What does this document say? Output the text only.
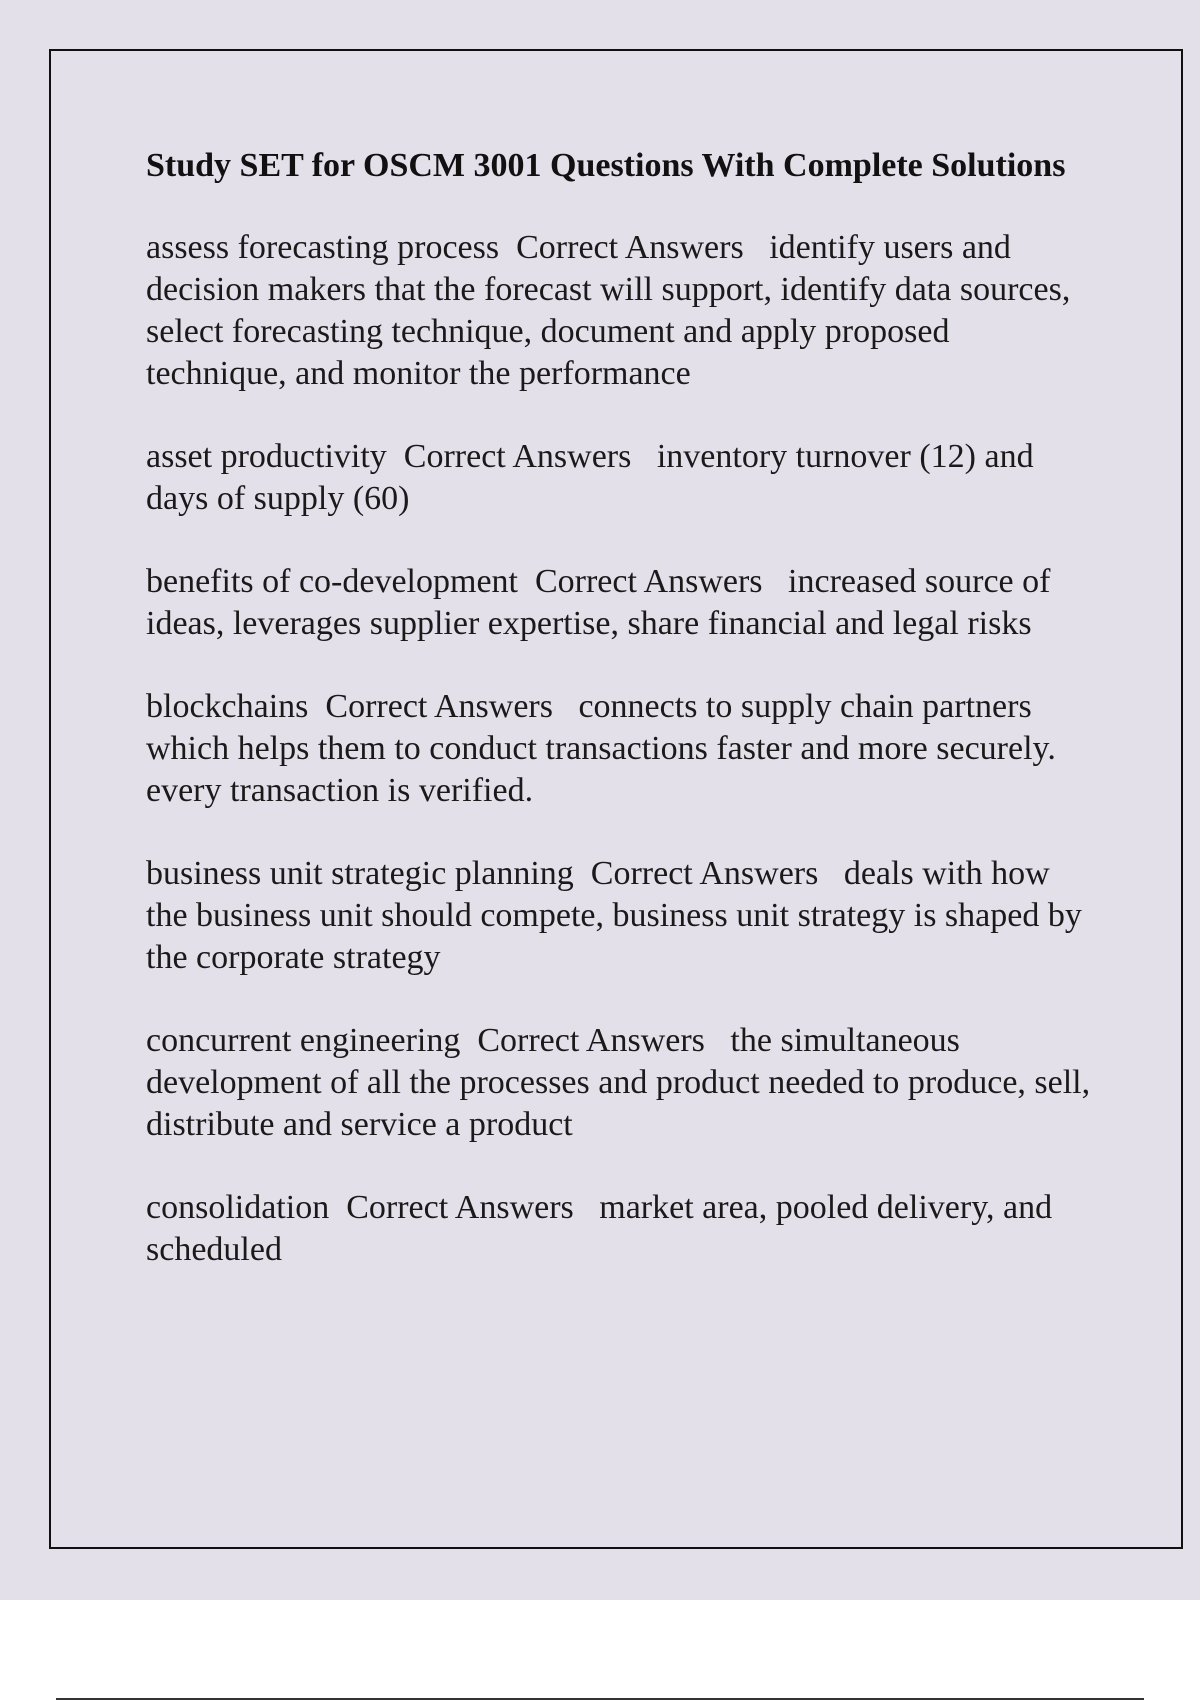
Study SET for OSCM 3001 Questions With Complete Solutions
assess forecasting process Correct Answers identify users and decision makers that the forecast will support, identify data sources, select forecasting technique, document and apply proposed technique, and monitor the performance
asset productivity Correct Answers inventory turnover (12) and days of supply (60)
benefits of co-development Correct Answers increased source of ideas, leverages supplier expertise, share financial and legal risks
blockchains Correct Answers connects to supply chain partners which helps them to conduct transactions faster and more securely. every transaction is verified.
business unit strategic planning Correct Answers deals with how the business unit should compete, business unit strategy is shaped by the corporate strategy
concurrent engineering Correct Answers the simultaneous development of all the processes and product needed to produce, sell, distribute and service a product
consolidation Correct Answers market area, pooled delivery, and scheduled
